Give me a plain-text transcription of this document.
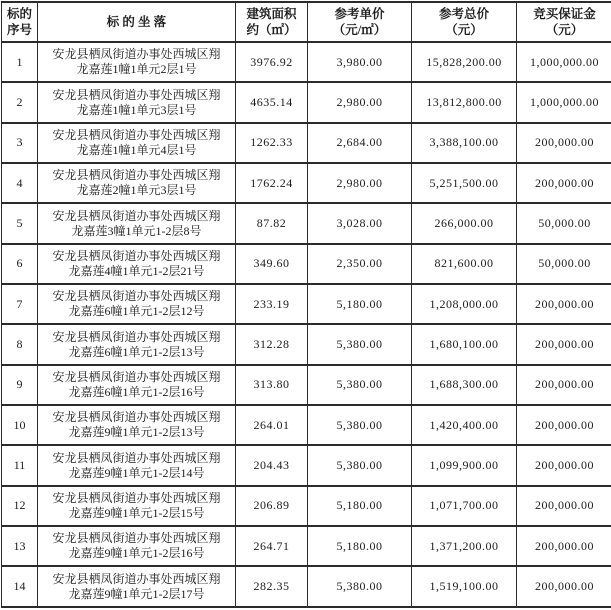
标的
序号

标 的 坐 落

建筑面积
约（㎡）

参考单价
（元/㎡）

参考总价
（元）

竞买保证金
（元）

1	安龙县栖凤街道办事处西城区翔
龙嘉莲1幢1单元2层1号	3976.92	3,980.00	15,828,200.00	1,000,000.00
2	安龙县栖凤街道办事处西城区翔
龙嘉莲1幢1单元3层1号	4635.14	2,980.00	13,812,800.00	1,000,000.00
3	安龙县栖凤街道办事处西城区翔
龙嘉莲1幢1单元4层1号	1262.33	2,684.00	3,388,100.00	200,000.00
4	安龙县栖凤街道办事处西城区翔
龙嘉莲2幢1单元3层1号	1762.24	2,980.00	5,251,500.00	200,000.00
5	安龙县栖凤街道办事处西城区翔
龙嘉莲3幢1单元1-2层8号	87.82	3,028.00	266,000.00	50,000.00
6	安龙县栖凤街道办事处西城区翔
龙嘉莲4幢1单元1-2层21号	349.60	2,350.00	821,600.00	50,000.00
7	安龙县栖凤街道办事处西城区翔
龙嘉莲6幢1单元1-2层12号	233.19	5,180.00	1,208,000.00	200,000.00
8	安龙县栖凤街道办事处西城区翔
龙嘉莲6幢1单元1-2层13号	312.28	5,380.00	1,680,100.00	200,000.00
9	安龙县栖凤街道办事处西城区翔
龙嘉莲6幢1单元1-2层16号	313.80	5,380.00	1,688,300.00	200,000.00
10	安龙县栖凤街道办事处西城区翔
龙嘉莲9幢1单元1-2层13号	264.01	5,380.00	1,420,400.00	200,000.00
11	安龙县栖凤街道办事处西城区翔
龙嘉莲9幢1单元1-2层14号	204.43	5,380.00	1,099,900.00	200,000.00
12	安龙县栖凤街道办事处西城区翔
龙嘉莲9幢1单元1-2层15号	206.89	5,180.00	1,071,700.00	200,000.00
13	安龙县栖凤街道办事处西城区翔
龙嘉莲9幢1单元1-2层16号	264.71	5,180.00	1,371,200.00	200,000.00
14	安龙县栖凤街道办事处西城区翔
龙嘉莲9幢1单元1-2层17号	282.35	5,380.00	1,519,100.00	200,000.00
